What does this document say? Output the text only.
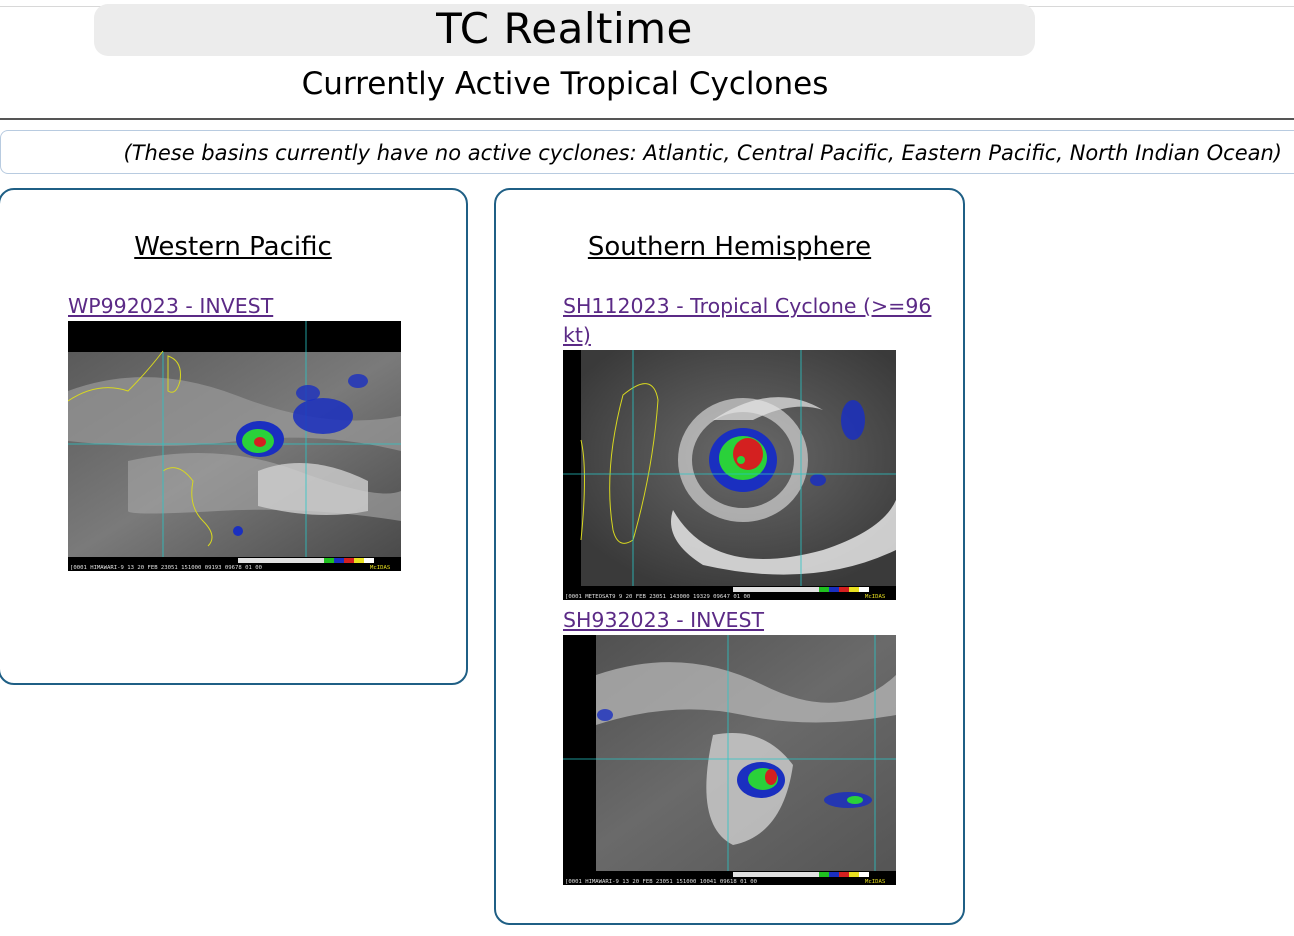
TC Realtime
Currently Active Tropical Cyclones
(These basins currently have no active cyclones: Atlantic, Central Pacific, Eastern Pacific, North Indian Ocean)
Western Pacific
WP992023 - INVEST
[0001 HIMAWARI-9 13 20 FEB 23051 151000 09193 09678 01 00	McIDAS
Southern Hemisphere
SH112023 - Tropical Cyclone (>=96 kt)

[0001 METEOSAT9 9 20 FEB 23051 143000 19329 09647 01 00	McIDAS
SH932023 - INVEST
[0001 HIMAWARI-9 13 20 FEB 23051 151000 10041 09618 01 00	McIDAS
